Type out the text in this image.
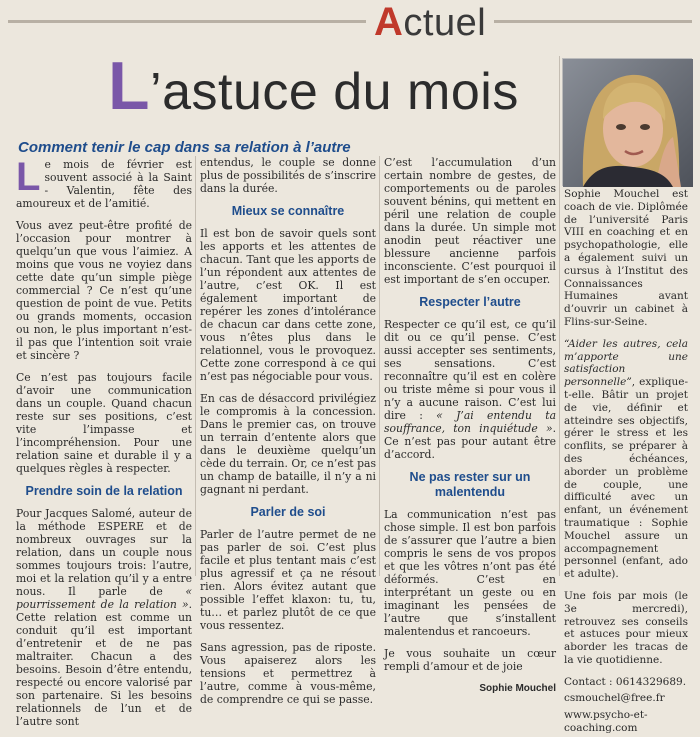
Actuel
L’astuce du mois
Comment tenir le cap dans sa relation à l’autre

Le mois de février est souvent associé à la Saint - Valentin, fête des amoureux et de l’amitié.

Vous avez peut-être profité de l’occasion pour montrer à quelqu’un que vous l’aimiez. A moins que vous ne voyiez dans cette date qu’un simple piège commercial ? Ce n’est qu’une question de point de vue. Petits ou grands moments, occasion ou non, le plus important n’est-il pas que l’intention soit vraie et sincère ?

Ce n’est pas toujours facile d’avoir une communication dans un couple. Quand chacun reste sur ses positions, c’est vite l’impasse et l’incompréhension. Pour une relation saine et durable il y a quelques règles à respecter.

Prendre soin de la relation

Pour Jacques Salomé, auteur de la méthode ESPERE et de nombreux ouvrages sur la relation, dans un couple nous sommes toujours trois: l’autre, moi et la relation qu’il y a entre nous. Il parle de « pourrissement de la relation ». Cette relation est comme un conduit qu’il est important d’entretenir et de ne pas maltraiter. Chacun a des besoins. Besoin d’être entendu, respecté ou encore valorisé par son partenaire. Si les besoins relationnels de l’un et de l’autre sont

entendus, le couple se donne plus de possibilités de s’inscrire dans la durée.

Mieux se connaître

Il est bon de savoir quels sont les apports et les attentes de chacun. Tant que les apports de l’un répondent aux attentes de l’autre, c’est OK. Il est également important de repérer les zones d’intolérance de chacun car dans cette zone, vous n’êtes plus dans le relationnel, vous le provoquez. Cette zone correspond à ce qui n’est pas négociable pour vous.

En cas de désaccord privilégiez le compromis à la concession. Dans le premier cas, on trouve un terrain d’entente alors que dans le deuxième quelqu’un cède du terrain. Or, ce n’est pas un champ de bataille, il n’y a ni gagnant ni perdant.

Parler de soi

Parler de l’autre permet de ne pas parler de soi. C’est plus facile et plus tentant mais c’est plus agressif et ça ne résout rien. Alors évitez autant que possible l’effet klaxon: tu, tu, tu… et parlez plutôt de ce que vous ressentez.

Sans agression, pas de riposte. Vous apaiserez alors les tensions et permettrez à l’autre, comme à vous-même, de comprendre ce qui se passe.

C’est l’accumulation d’un certain nombre de gestes, de comportements ou de paroles souvent bénins, qui mettent en péril une relation de couple dans la durée. Un simple mot anodin peut réactiver une blessure ancienne parfois inconsciente. C’est pourquoi il est important de s’en occuper.

Respecter l’autre

Respecter ce qu’il est, ce qu’il dit ou ce qu’il pense. C’est aussi accepter ses sentiments, ses sensations. C’est reconnaître qu’il est en colère ou triste même si pour vous il n’y a aucune raison. C’est lui dire : « J’ai entendu ta souffrance, ton inquiétude ». Ce n’est pas pour autant être d’accord.

Ne pas rester sur un malentendu

La communication n’est pas chose simple. Il est bon parfois de s’assurer que l’autre a bien compris le sens de vos propos et que les vôtres n’ont pas été déformés. C’est en interprétant un geste ou en imaginant les pensées de l’autre que s’installent malentendus et rancoeurs.

Je vous souhaite un cœur rempli d’amour et de joie

Sophie Mouchel

Sophie Mouchel est coach de vie. Diplômée de l’université Paris VIII en coaching et en psychopathologie, elle a également suivi un cursus à l’Institut des Connaissances Humaines avant d’ouvrir un cabinet à Flins-sur-Seine.

“Aider les autres, cela m’apporte une satisfaction personnelle”, explique-t-elle. Bâtir un projet de vie, définir et atteindre ses objectifs, gérer le stress et les conflits, se préparer à des échéances, aborder un problème de couple, une difficulté avec un enfant, un événement traumatique : Sophie Mouchel assure un accompagnement personnel (enfant, ado et adulte).

Une fois par mois (le 3e mercredi), retrouvez ses conseils et astuces pour mieux aborder les tracas de la vie quotidienne.

Contact : 0614329689.
csmouchel@free.fr
www.psycho-et-coaching.com
